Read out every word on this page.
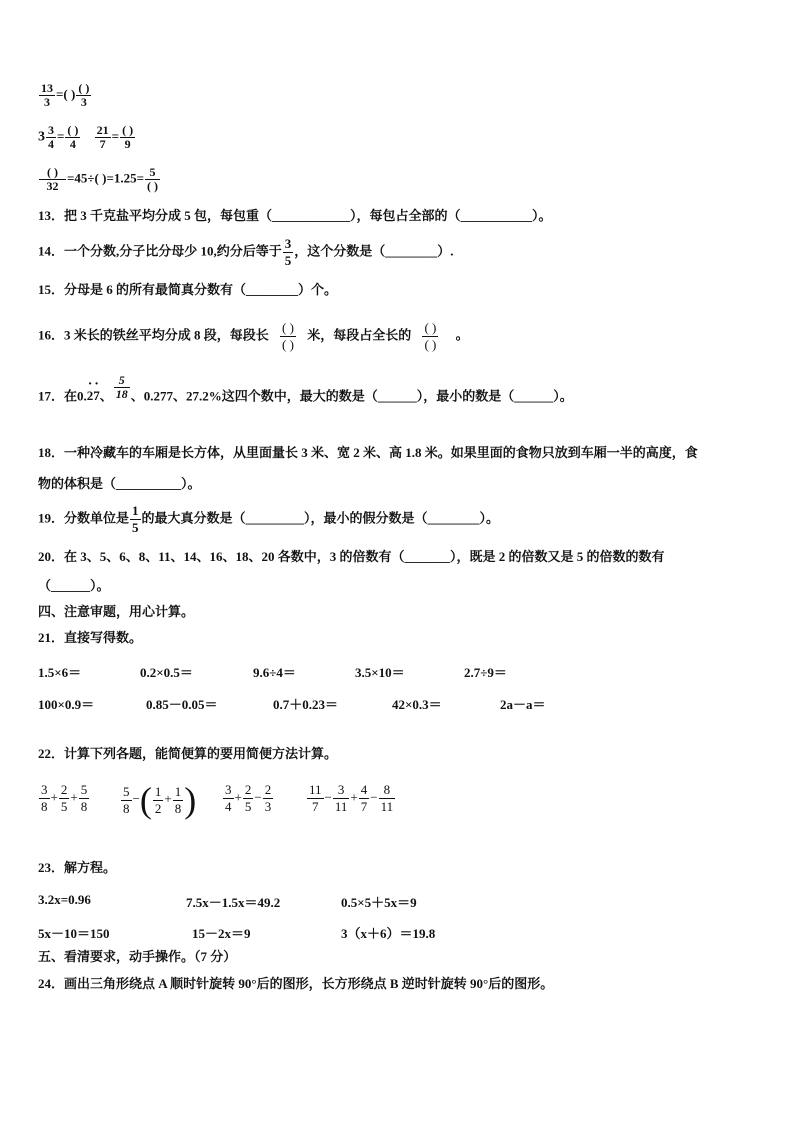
$\frac{13}{3}$ =( ) $\frac{( )}{3}$
$3 \frac{3}{4} = \frac{( )}{4}$
$\frac{21}{7} = \frac{( )}{9}$
$\frac{( )}{32} =45\div$( )$=1.25= \frac{5}{( )}$
13．把 3 千克盐平均分成 5 包，每包重（____________），每包占全部的（___________）。
14．一个分数,分子比分母少 10,约分后等于 $\frac{3}{5}$ ，这个分数是（________）.
15．分母是 6 的所有最简真分数有（________）个。
16．3 米长的铁丝平均分成 8 段，每段长 $\frac{( )}{( )}$ 米，每段占全长的 $\frac{( )}{( )}$ 。
17．在0.· 2· 7、 $\frac{5}{18}$ 、0.277、27.2%这四个数中，最大的数是（______），最小的数是（______）。
18．一种冷藏车的车厢是长方体，从里面量长 3 米、宽 2 米、高 1.8 米。如果里面的食物只放到车厢一半的高度，食
物的体积是（__________）。
19．分数单位是 $\frac{1}{5}$ 的最大真分数是（_________），最小的假分数是（________）。
20．在 3、5、6、8、11、14、16、18、20 各数中，3 的倍数有（_______），既是 2 的倍数又是 5 的倍数的数有
（______）。
四、注意审题，用心计算。
21．直接写得数。
1.5×6＝	0.2×0.5＝	9.6÷4＝	3.5×10＝	2.7÷9＝
100×0.9＝	0.85－0.05＝	0.7＋0.23＝	42×0.3＝	2a－a＝
22．计算下列各题，能简便算的要用简便方法计算。
$\frac{3}{8} + \frac{2}{5} + \frac{5}{8} \frac{5}{8}$ −( $\frac{1}{2} + \frac{1}{8}$ ) $\frac{3}{4} + \frac{2}{5} - \frac{2}{3}$	$\frac{11}{7} - \frac{3}{11} + \frac{4}{7} - \frac{8}{11}$
23．解方程。
3.2x=0.96	7.5x－1.5x＝49.2	0.5×5＋5x＝9
5x－10＝150	15－2x＝9	3（x＋6）＝19.8
五、看清要求，动手操作。（7 分）
24．画出三角形绕点 A 顺时针旋转 90°后的图形，长方形绕点 B 逆时针旋转 90°后的图形。
